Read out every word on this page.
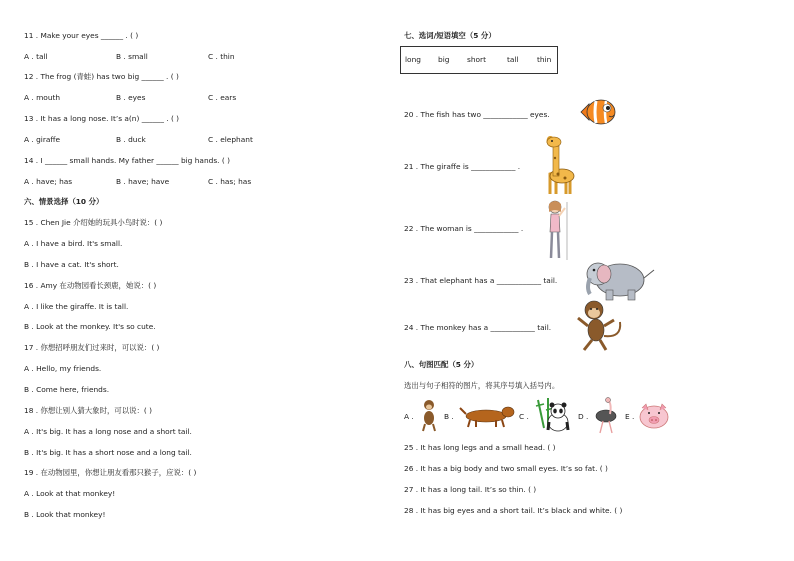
11 . Make your eyes ______ . ( )
A . tall	B . small	C . thin
12 . The frog (青蛙) has two big ______ . ( )
A . mouth	B . eyes	C . ears
13 . It has a long nose. It’s a(n) ______ . ( )
A . giraffe	B . duck	C . elephant
14 . I ______ small hands. My father ______ big hands. ( )
A . have; has	B . have; have	C . has; has
六、情景选择（10 分）
15 . Chen Jie 介绍她的玩具小鸟时说：( )
A . I have a bird. It's small.
B . I have a cat. It's short.
16 . Amy 在动物园看长颈鹿，她说：( )
A . I like the giraffe. It is tall.
B . Look at the monkey. It's so cute.
17 . 你想招呼朋友们过来时，可以说：( )
A . Hello, my friends.
B . Come here, friends.
18 . 你想让别人猜大象时，可以说：( )
A . It's big. It has a long nose and a short tail.
B . It's big. It has a short nose and a long tail.
19 . 在动物园里，你想让朋友看那只猴子，应说：( )
A . Look at that monkey!
B . Look that monkey!
七、选词/短语填空（5 分）
long big short	tall thin
20 . The fish has two ____________ eyes.
21 . The giraffe is ____________ .
22 . The woman is ____________ .
23 . That elephant has a ____________ tail.
24 . The monkey has a ____________ tail.
八、句图匹配（5 分）
选出与句子相符的图片，将其序号填入括号内。
A .	B .	C .	D .	E .
25 . It has long legs and a small head. ( )
26 . It has a big body and two small eyes. It’s so fat. ( )
27 . It has a long tail. It’s so thin. ( )
28 . It has big eyes and a short tail. It’s black and white. ( )
